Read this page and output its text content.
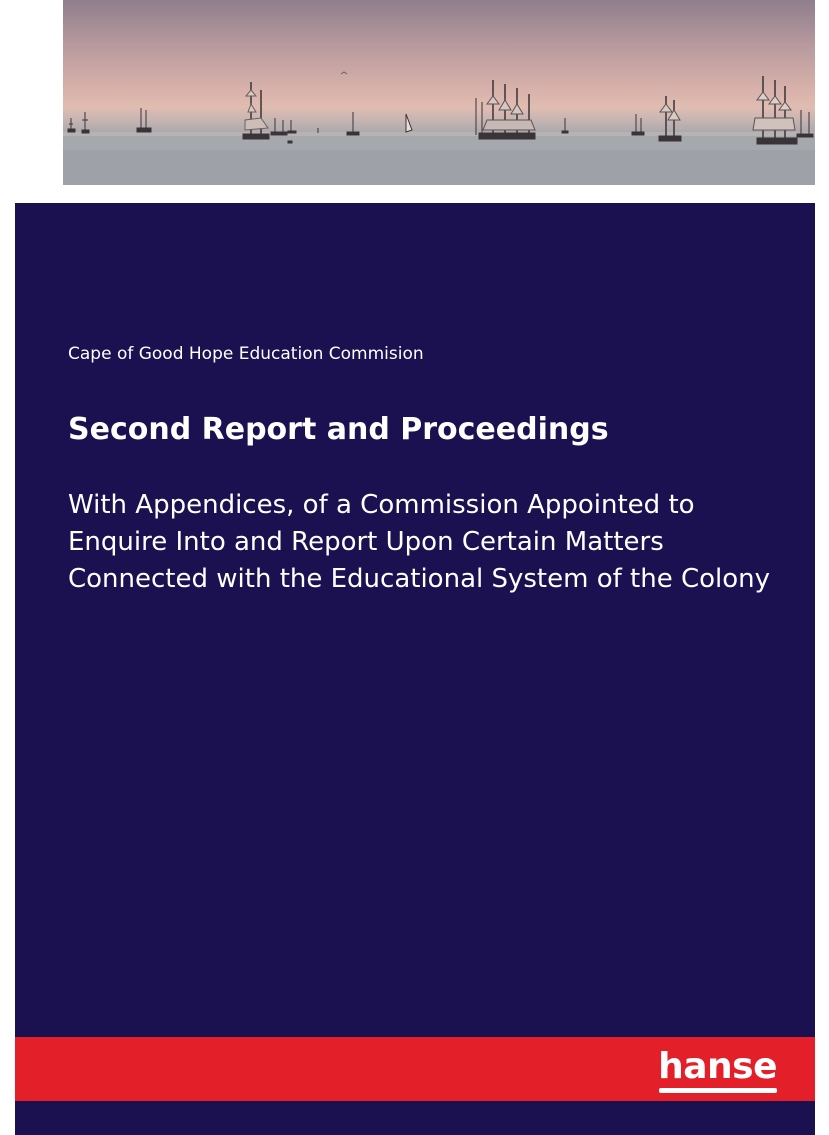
Cape of Good Hope Education Commision
Second Report and Proceedings
With Appendices, of a Commission Appointed to Enquire Into and Report Upon Certain Matters Connected with the Educational System of the Colony
hanse
